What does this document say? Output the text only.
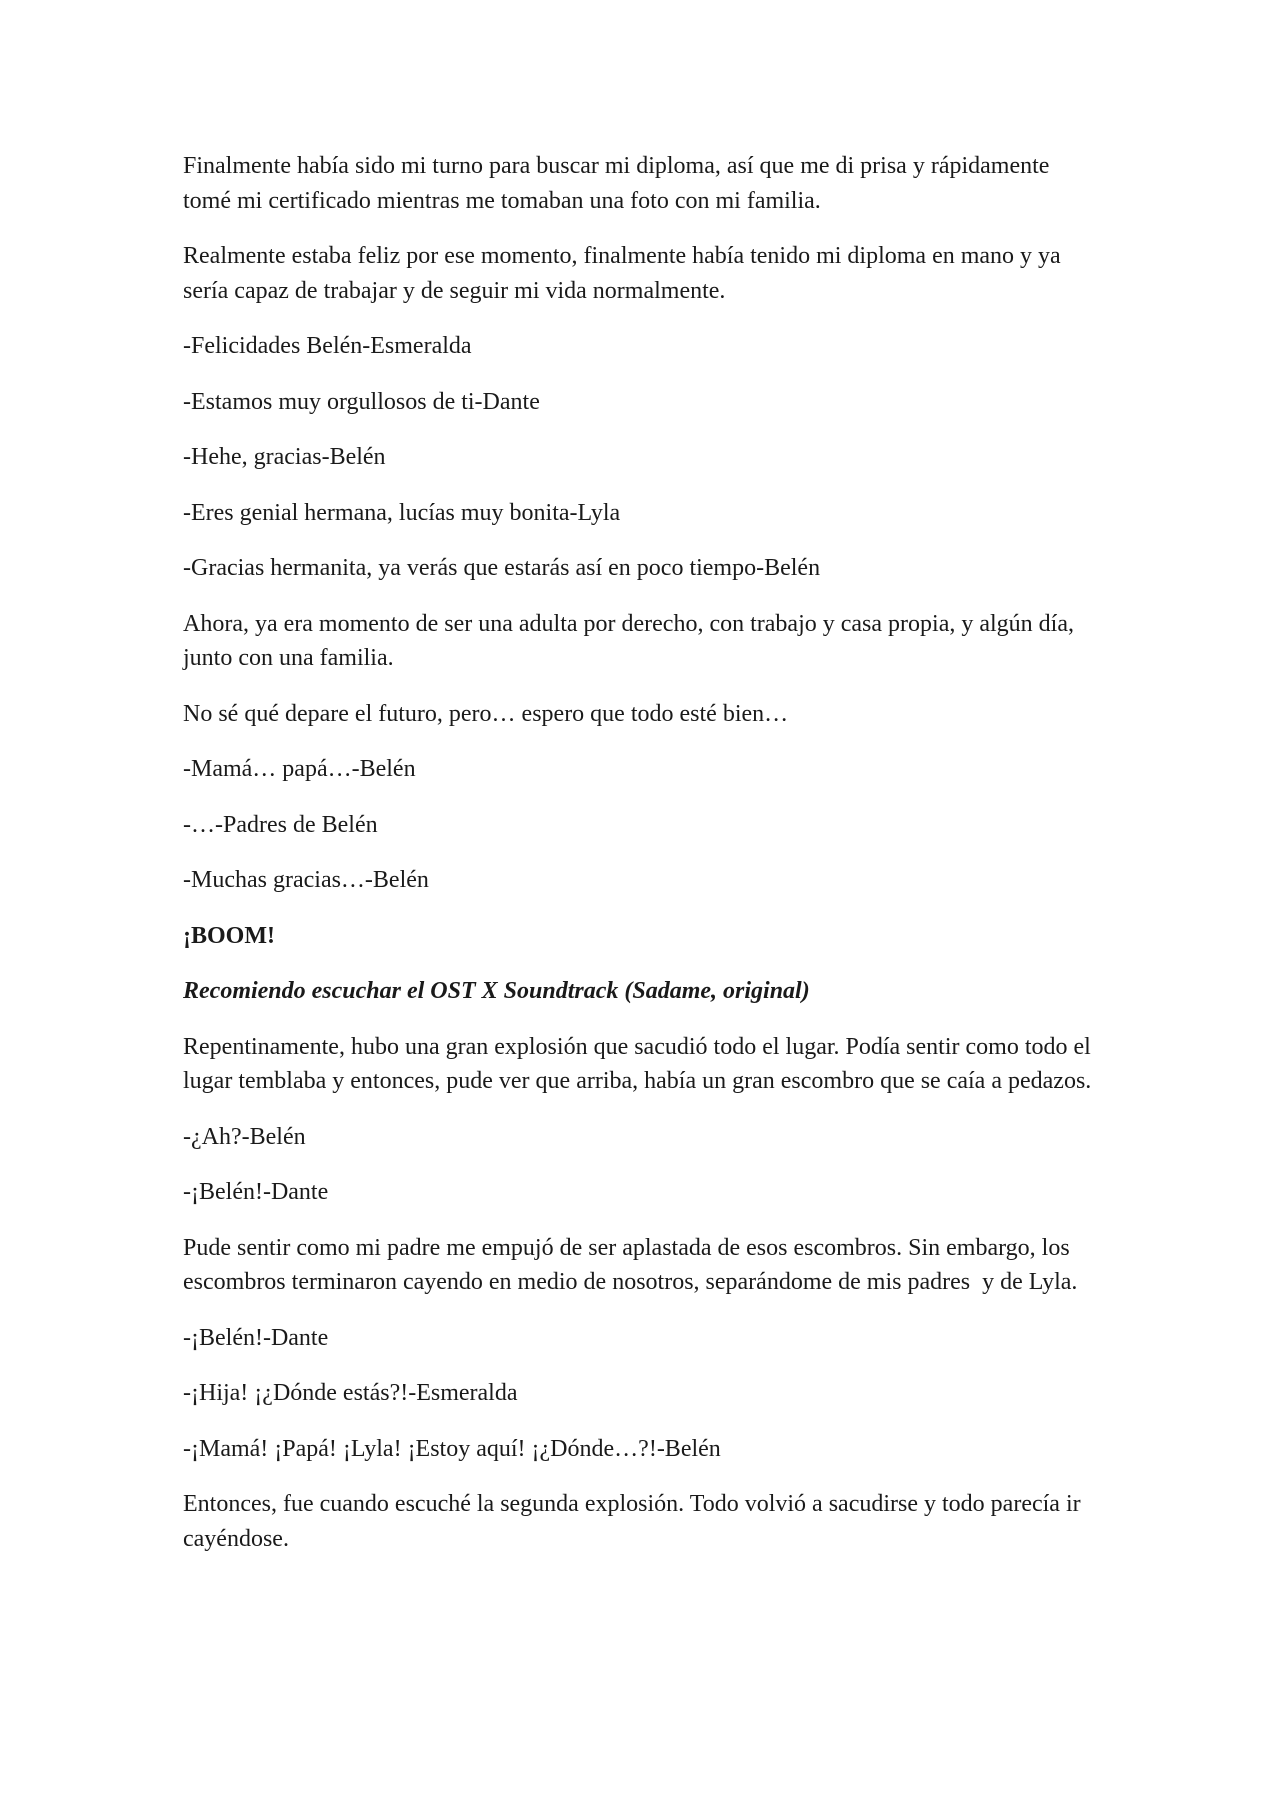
Finalmente había sido mi turno para buscar mi diploma, así que me di prisa y rápidamente tomé mi certificado mientras me tomaban una foto con mi familia.

Realmente estaba feliz por ese momento, finalmente había tenido mi diploma en mano y ya sería capaz de trabajar y de seguir mi vida normalmente.

-Felicidades Belén-Esmeralda

-Estamos muy orgullosos de ti-Dante

-Hehe, gracias-Belén

-Eres genial hermana, lucías muy bonita-Lyla

-Gracias hermanita, ya verás que estarás así en poco tiempo-Belén

Ahora, ya era momento de ser una adulta por derecho, con trabajo y casa propia, y algún día, junto con una familia.

No sé qué depare el futuro, pero… espero que todo esté bien…

-Mamá… papá…-Belén

-…-Padres de Belén

-Muchas gracias…-Belén

¡BOOM!

Recomiendo escuchar el OST X Soundtrack (Sadame, original)

Repentinamente, hubo una gran explosión que sacudió todo el lugar. Podía sentir como todo el lugar temblaba y entonces, pude ver que arriba, había un gran escombro que se caía a pedazos.

-¿Ah?-Belén

-¡Belén!-Dante

Pude sentir como mi padre me empujó de ser aplastada de esos escombros. Sin embargo, los escombros terminaron cayendo en medio de nosotros, separándome de mis padres  y de Lyla.

-¡Belén!-Dante

-¡Hija! ¡¿Dónde estás?!-Esmeralda

-¡Mamá! ¡Papá! ¡Lyla! ¡Estoy aquí! ¡¿Dónde…?!-Belén

Entonces, fue cuando escuché la segunda explosión. Todo volvió a sacudirse y todo parecía ir cayéndose.
